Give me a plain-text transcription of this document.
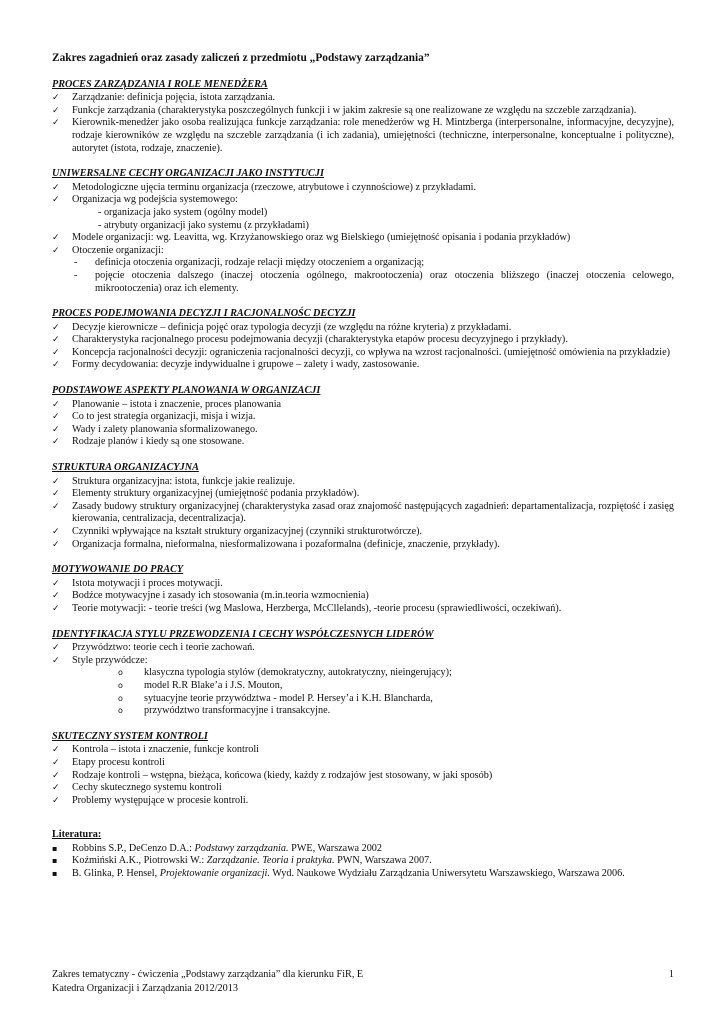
Zakres zagadnień oraz zasady zaliczeń z przedmiotu „Podstawy zarządzania”
PROCES ZARZĄDZANIA I ROLE MENEDŻERA
✓	Zarządzanie: definicja pojęcia, istota zarządzania.
✓	Funkcje zarządzania (charakterystyka poszczególnych funkcji i w jakim zakresie są one realizowane ze względu na szczeble zarządzania).
✓	Kierownik-menedżer jako osoba realizująca funkcje zarządzania: role menedżerów wg H. Mintzberga (interpersonalne, informacyjne, decyzyjne), rodzaje kierowników ze względu na szczeble zarządzania (i ich zadania), umiejętności (techniczne, interpersonalne, konceptualne i polityczne), autorytet (istota, rodzaje, znaczenie).
UNIWERSALNE CECHY ORGANIZACJI JAKO INSTYTUCJI
✓	Metodologiczne ujęcia terminu organizacja (rzeczowe, atrybutowe i czynnościowe) z przykładami.
✓	Organizacja wg podejścia systemowego:
- organizacja jako system (ogólny model)
- atrybuty organizacji jako systemu (z przykładami)
✓	Modele organizacji: wg. Leavitta, wg. Krzyżanowskiego oraz wg Bielskiego (umiejętność opisania i podania przykładów)
✓	Otoczenie organizacji:
- definicja otoczenia organizacji, rodzaje relacji między otoczeniem a organizacją;
- pojęcie otoczenia dalszego (inaczej otoczenia ogólnego, makrootoczenia) oraz otoczenia bliższego (inaczej otoczenia celowego, mikrootoczenia) oraz ich elementy.
PROCES PODEJMOWANIA DECYZJI I RACJONALNOŚC DECYZJI
✓	Decyzje kierownicze – definicja pojęć oraz typologia decyzji (ze względu na różne kryteria) z przykładami.
✓	Charakterystyka racjonalnego procesu podejmowania decyzji (charakterystyka etapów procesu decyzyjnego i przykłady).
✓	Koncepcja racjonalności decyzji: ograniczenia racjonalności decyzji, co wpływa na wzrost racjonalności. (umiejętność omówienia na przykładzie)
✓	Formy decydowania: decyzje indywidualne i grupowe – zalety i wady, zastosowanie.
PODSTAWOWE ASPEKTY PLANOWANIA W ORGANIZACJI
✓	Planowanie – istota i znaczenie, proces planowania
✓	Co to jest strategia organizacji, misja i wizja.
✓	Wady i zalety planowania sformalizowanego.
✓	Rodzaje planów i kiedy są one stosowane.
STRUKTURA ORGANIZACYJNA
✓	Struktura organizacyjna: istota, funkcje jakie realizuje.
✓	Elementy struktury organizacyjnej (umiejętność podania przykładów).
✓	Zasady budowy struktury organizacyjnej (charakterystyka zasad oraz znajomość następujących zagadnień: departamentalizacja, rozpiętość i zasięg kierowania, centralizacja, decentralizacja).
✓	Czynniki wpływające na kształt struktury organizacyjnej (czynniki strukturotwórcze).
✓	Organizacja formalna, nieformalna, niesformalizowana i pozaformalna (definicje, znaczenie, przykłady).
MOTYWOWANIE DO PRACY
✓	Istota motywacji i proces motywacji.
✓	Bodźce motywacyjne i zasady ich stosowania (m.in.teoria wzmocnienia)
✓	Teorie motywacji: - teorie treści (wg Maslowa, Herzberga, McCllelands), -teorie procesu (sprawiedliwości, oczekiwań).
IDENTYFIKACJA STYLU PRZEWODZENIA I CECHY WSPÓŁCZESNYCH LIDERÓW
✓	Przywództwo: teorie cech i teorie zachowań.
✓	Style przywódcze:
o klasyczna typologia stylów (demokratyczny, autokratyczny, nieingerujący);
o model R.R Blake’a i J.S. Mouton,
o sytuacyjne teorie przywództwa - model P. Hersey’a i K.H. Blancharda,
o przywództwo transformacyjne i transakcyjne.
SKUTECZNY SYSTEM KONTROLI
✓	Kontrola – istota i znaczenie, funkcje kontroli
✓	Etapy procesu kontroli
✓	Rodzaje kontroli – wstępna, bieżąca, końcowa (kiedy, każdy z rodzajów jest stosowany, w jaki sposób)
✓	Cechy skutecznego systemu kontroli
✓	Problemy występujące w procesie kontroli.
Literatura:
▪ Robbins S.P., DeCenzo D.A.: Podstawy zarządzania. PWE, Warszawa 2002
▪ Koźmiński A.K., Piotrowski W.: Zarządzanie. Teoria i praktyka. PWN, Warszawa 2007.
▪ B. Glinka, P. Hensel, Projektowanie organizacji. Wyd. Naukowe Wydziału Zarządzania Uniwersytetu Warszawskiego, Warszawa 2006.
Zakres tematyczny - ćwiczenia „Podstawy zarządzania” dla kierunku FiR, E
Katedra Organizacji i Zarządzania 2012/2013
1
